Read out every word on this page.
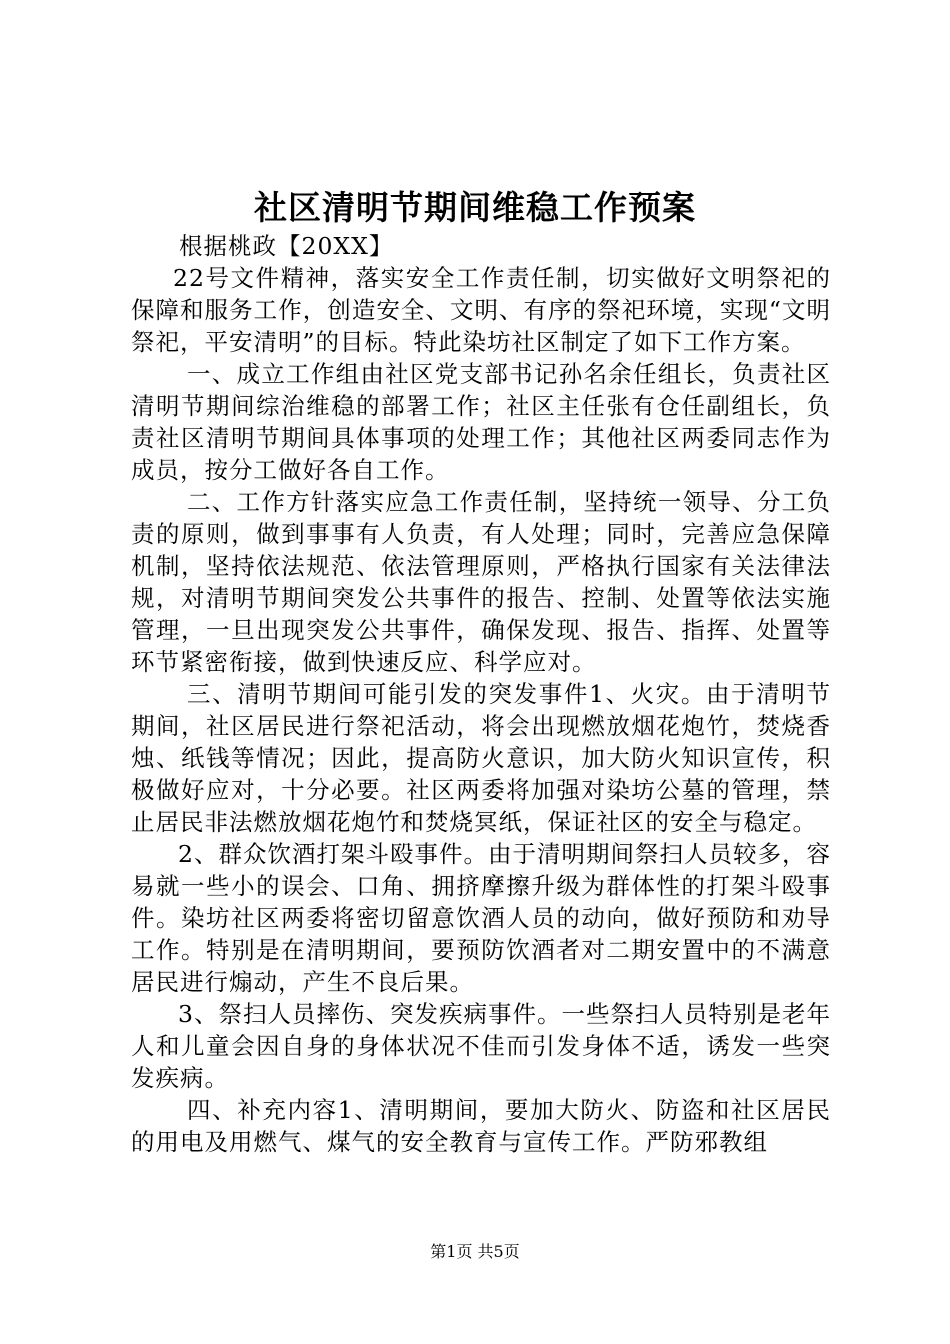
社区清明节期间维稳工作预案

根据桃政【20XX】

22号文件精神，落实安全工作责任制，切实做好文明祭祀的保障和服务工作，创造安全、文明、有序的祭祀环境，实现“文明祭祀，平安清明”的目标。特此染坊社区制定了如下工作方案。

一、成立工作组由社区党支部书记孙名余任组长，负责社区清明节期间综治维稳的部署工作；社区主任张有仓任副组长，负责社区清明节期间具体事项的处理工作；其他社区两委同志作为成员，按分工做好各自工作。

二、工作方针落实应急工作责任制，坚持统一领导、分工负责的原则，做到事事有人负责，有人处理；同时，完善应急保障机制，坚持依法规范、依法管理原则，严格执行国家有关法律法规，对清明节期间突发公共事件的报告、控制、处置等依法实施管理，一旦出现突发公共事件，确保发现、报告、指挥、处置等环节紧密衔接，做到快速反应、科学应对。

三、清明节期间可能引发的突发事件1、火灾。由于清明节期间，社区居民进行祭祀活动，将会出现燃放烟花炮竹，焚烧香烛、纸钱等情况；因此，提高防火意识，加大防火知识宣传，积极做好应对，十分必要。社区两委将加强对染坊公墓的管理，禁止居民非法燃放烟花炮竹和焚烧冥纸，保证社区的安全与稳定。

2、群众饮酒打架斗殴事件。由于清明期间祭扫人员较多，容易就一些小的误会、口角、拥挤摩擦升级为群体性的打架斗殴事件。染坊社区两委将密切留意饮酒人员的动向，做好预防和劝导工作。特别是在清明期间，要预防饮酒者对二期安置中的不满意居民进行煽动，产生不良后果。

3、祭扫人员摔伤、突发疾病事件。一些祭扫人员特别是老年人和儿童会因自身的身体状况不佳而引发身体不适，诱发一些突发疾病。

四、补充内容1、清明期间，要加大防火、防盗和社区居民的用电及用燃气、煤气的安全教育与宣传工作。严防邪教组

第1页 共5页
